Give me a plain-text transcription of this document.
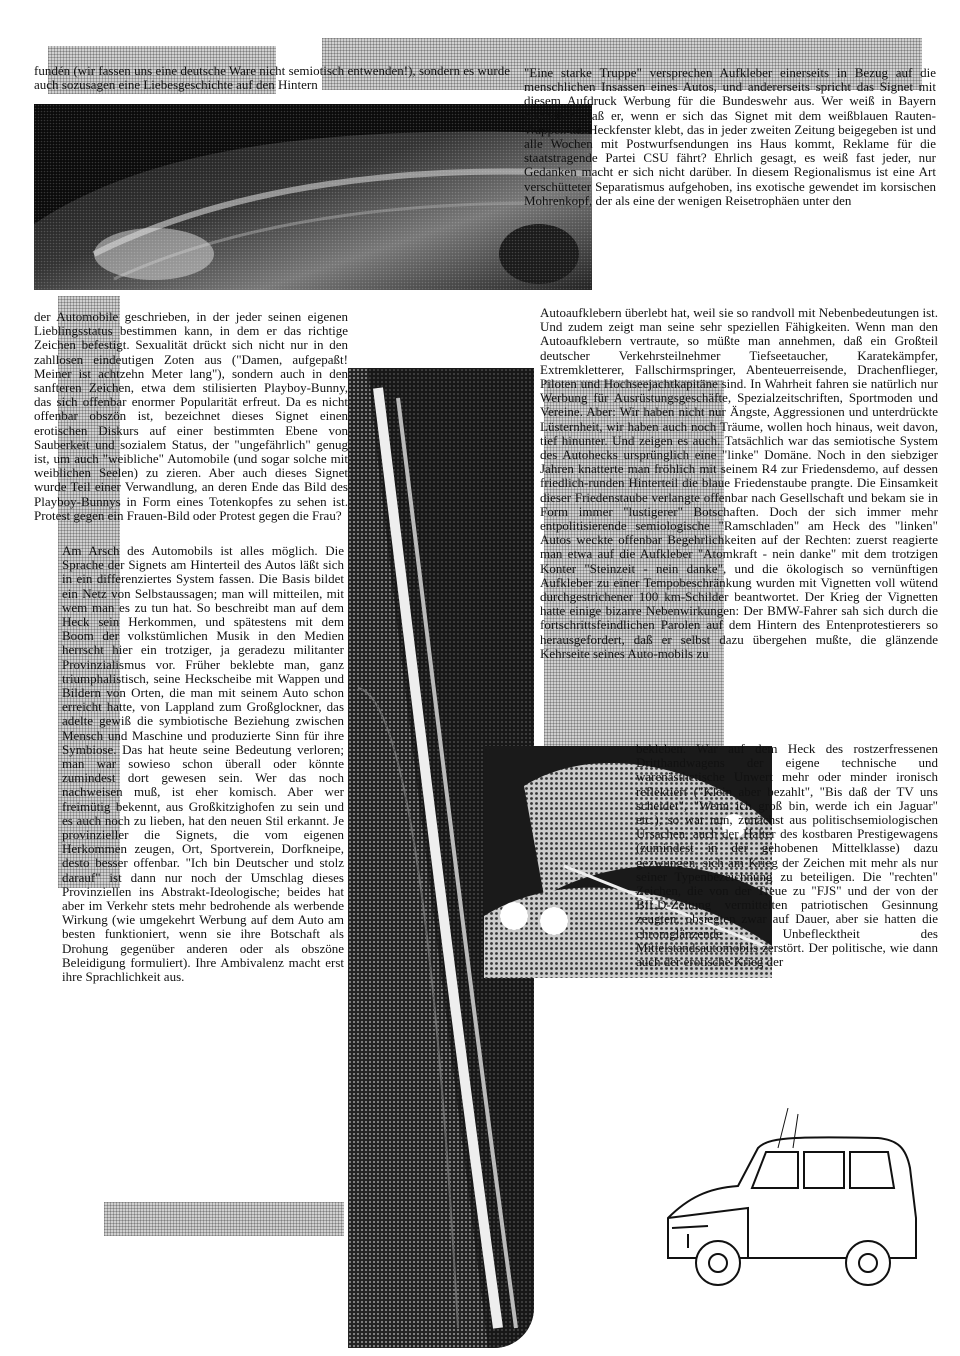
fundén (wir fassen uns eine deutsche Ware nicht semiotisch entwenden!), sondern es wurde auch sozusagen eine Liebesgeschichte auf den Hintern
"Eine starke Truppe" versprechen Aufkleber einerseits in Bezug auf die menschlichen Insassen eines Autos, und andererseits spricht das Signet mit diesem Aufdruck Werbung für die Bundeswehr aus. Wer weiß in Bayern eigentlich, daß er, wenn er sich das Signet mit dem weißblauen Rauten-Wappen ins Heckfenster klebt, das in jeder zweiten Zeitung beigegeben ist und alle Wochen mit Postwurfsendungen ins Haus kommt, Reklame für die staatstragende Partei CSU fährt? Ehrlich gesagt, es weiß fast jeder, nur Gedanken macht er sich nicht darüber. In diesem Regionalismus ist eine Art verschütteter Separatismus aufgehoben, ins exotische gewendet im korsischen Mohrenkopf, der als eine der wenigen Reisetrophäen unter den
der Automobile geschrieben, in der jeder seinen eigenen Lieblingsstatus bestimmen kann, in dem er das richtige Zeichen befestigt. Sexualität drückt sich nicht nur in den zahllosen eindeutigen Zoten aus ("Damen, aufgepaßt! Meiner ist achtzehn Meter lang"), sondern auch in den sanfteren Zeichen, etwa dem stilisierten Playboy-Bunny, das sich offenbar enormer Popularität erfreut. Da es nicht offenbar obszön ist, bezeichnet dieses Signet einen erotischen Diskurs auf einer bestimmten Ebene von Sauberkeit und sozialem Status, der "ungefährlich" genug ist, um auch "weibliche" Automobile (und sogar solche mit weiblichen Seelen) zu zieren. Aber auch dieses Signet wurde Teil einer Verwandlung, an deren Ende das Bild des Playboy-Bunnys in Form eines Totenkopfes zu sehen ist. Protest gegen ein Frauen-Bild oder Protest gegen die Frau?
Autoaufklebern überlebt hat, weil sie so randvoll mit Nebenbedeutungen ist. Und zudem zeigt man seine sehr speziellen Fähigkeiten. Wenn man den Autoaufklebern vertraute, so müßte man annehmen, daß ein Großteil deutscher Verkehrsteilnehmer Tiefseetaucher, Karatekämpfer, Extremkletterer, Fallschirmspringer, Abenteuerreisende, Drachenflieger, Piloten und Hochseejachtkapitäne sind. In Wahrheit fahren sie natürlich nur Werbung für Ausrüstungsgeschäfte, Spezialzeitschriften, Sportmoden und Vereine. Aber: Wir haben nicht nur Ängste, Aggressionen und unterdrückte Lüsternheit, wir haben auch noch Träume, wollen hoch hinaus, weit davon, tief hinunter. Und zeigen es auch. Tatsächlich war das semiotische System des Autohecks ursprünglich eine "linke" Domäne. Noch in den siebziger Jahren knatterte man fröhlich mit seinem R4 zur Friedensdemo, auf dessen friedlich-runden Hinterteil die blaue Friedenstaube prangte. Die Einsamkeit dieser Friedenstaube verlangte offenbar nach Gesellschaft und bekam sie in Form immer "lustigerer" Botschaften. Doch der sich immer mehr entpolitisierende semiologische "Ramschladen" am Heck des "linken" Autos weckte offenbar Begehrlichkeiten auf der Rechten: zuerst reagierte man etwa auf die Aufkleber "Atomkraft - nein danke" mit dem trotzigen Konter "Steinzeit - nein danke", und die ökologisch so vernünftigen Aufkleber zu einer Tempobeschränkung wurden mit Vignetten voll wütend durchgestrichener 100 km-Schilder beantwortet. Der Krieg der Vignetten hatte einige bizarre Nebenwirkungen: Der BMW-Fahrer sah sich durch die fortschrittsfeindlichen Parolen auf dem Hintern des Entenprotestierers so herausgefordert, daß er selbst dazu übergehen mußte, die glänzende Kehrseite seines Auto-mobils zu
Am Arsch des Automobils ist alles möglich. Die Sprache der Signets am Hinterteil des Autos läßt sich in ein differenziertes System fassen. Die Basis bildet ein Netz von Selbstaussagen; man will mitteilen, mit wem man es zu tun hat. So beschreibt man auf dem Heck sein Herkommen, und spätestens mit dem Boom der volkstümlichen Musik in den Medien herrscht hier ein trotziger, ja geradezu militanter Provinzialismus vor. Früher beklebte man, ganz triumphalistisch, seine Heckscheibe mit Wappen und Bildern von Orten, die man mit seinem Auto schon erreicht hatte, von Lappland zum Großglockner, das adelte gewiß die symbiotische Beziehung zwischen Mensch und Maschine und produzierte Sinn für ihre Symbiose. Das hat heute seine Bedeutung verloren; man war sowieso schon überall oder könnte zumindest dort gewesen sein. Wer das noch nachweisen muß, ist eher komisch. Aber wer freimütig bekennt, aus Großkitzighofen zu sein und es auch noch zu lieben, hat den neuen Stil erkannt. Je provinzieller die Signets, die vom eigenen Herkommen zeugen, Ort, Sportverein, Dorfkneipe, desto besser offenbar. "Ich bin Deutscher und stolz darauf" ist dann nur noch der Umschlag dieses Provinziellen ins Abstrakt-Ideologische; beides hat aber im Verkehr stets mehr bedrohende als werbende Wirkung (wie umgekehrt Werbung auf dem Auto am besten funktioniert, wenn sie ihre Botschaft als Drohung gegenüber anderen oder als obszöne Beleidigung formuliert). Ihre Ambivalenz macht erst ihre Sprachlichkeit aus.
bekleben. War auf dem Heck des rostzerfressenen Dritthandwagens der eigene technische und warenästhetische Unwert mehr oder minder ironisch reflektiert ("Klein aber bezahlt", "Bis daß der TV uns scheidet", "Wenn ich groß bin, werde ich ein Jaguar" etc.), so war nun, zunächst aus politischsemiologischen Ursachen, auch der Halter des kostbaren Prestigewagens (zumindest in der gehobenen Mittelklasse) dazu gezwungen, sich am Krieg der Zeichen mit mehr als nur seiner Typenbezeichnung zu beteiligen. Die "rechten" Zeichen, die von der Treue zu "FJS" und der von der BILD-Zeitung vermittelten patriotischen Gesinnung zeugten, obsiegten zwar auf Dauer, aber sie hatten die chromglänzende Unbeflecktheit des Mittelstandsautomobils zerstört. Der politische, wie dann auch der erotische Krieg der
